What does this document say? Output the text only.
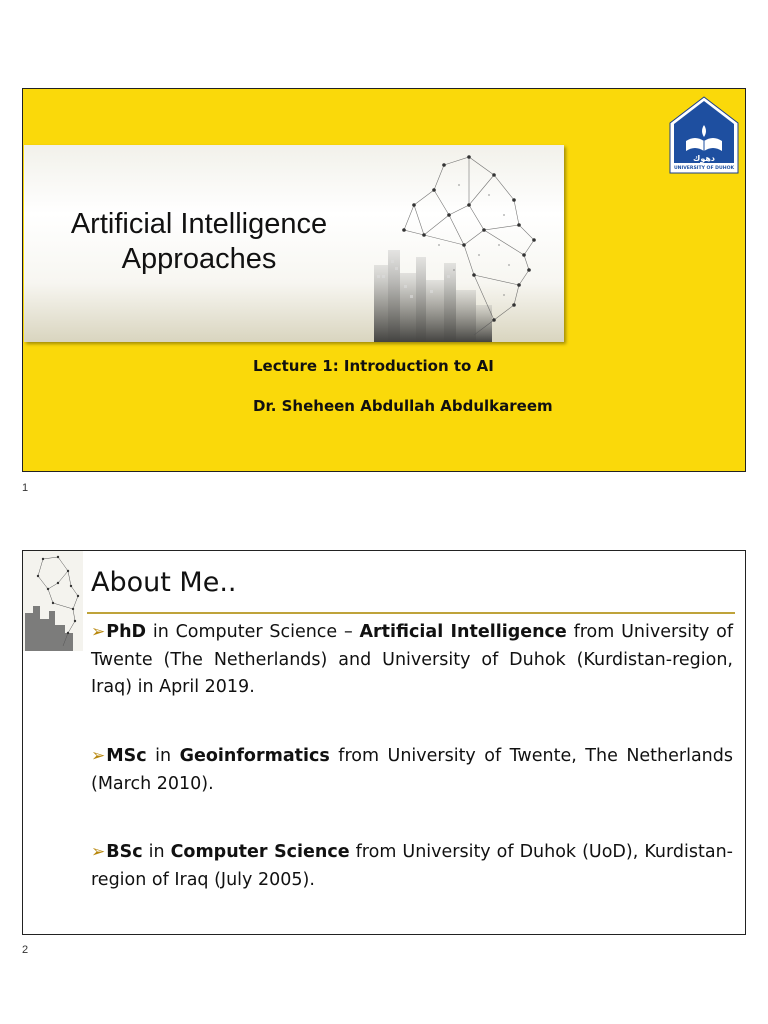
Artificial Intelligence
Approaches
دهوك
UNIVERSITY OF DUHOK
Lecture 1: Introduction to AI
Dr. Sheheen Abdullah Abdulkareem
1
About Me..
➢PhD in Computer Science – Artificial Intelligence from University of Twente (The Netherlands) and University of Duhok (Kurdistan-region, Iraq) in April 2019.
➢MSc in Geoinformatics from University of Twente, The Netherlands (March 2010).
➢BSc in Computer Science from University of Duhok (UoD), Kurdistan-region of Iraq (July 2005).
2
